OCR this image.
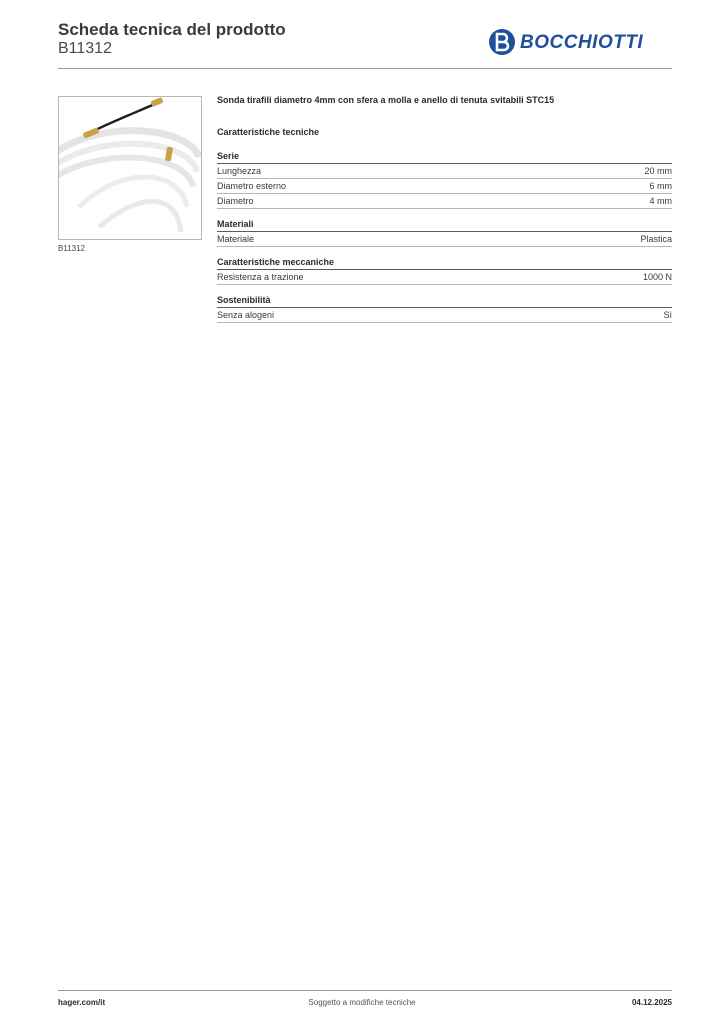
Scheda tecnica del prodotto
B11312	BOCCHIOTTI
B11312

Sonda tirafili diametro 4mm con sfera a molla e anello di tenuta svitabili STC15

Caratteristiche tecniche

Serie
Lunghezza	20 mm
Diametro esterno	6 mm
Diametro	4 mm
Materiali
Materiale	Plastica
Caratteristiche meccaniche
Resistenza a trazione	1000 N
Sostenibilità
Senza alogeni	Sì
hager.com/it	Soggetto a modifiche tecniche	04.12.2025
